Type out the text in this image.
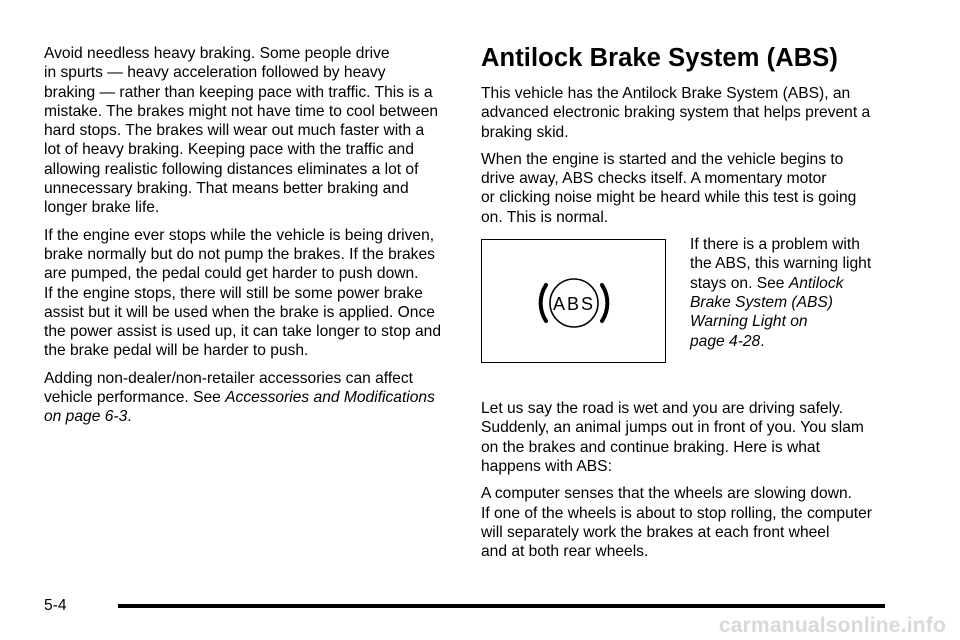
Avoid needless heavy braking. Some people drive
in spurts — heavy acceleration followed by heavy
braking — rather than keeping pace with traffic. This is a
mistake. The brakes might not have time to cool between
hard stops. The brakes will wear out much faster with a
lot of heavy braking. Keeping pace with the traffic and
allowing realistic following distances eliminates a lot of
unnecessary braking. That means better braking and
longer brake life.

If the engine ever stops while the vehicle is being driven,
brake normally but do not pump the brakes. If the brakes
are pumped, the pedal could get harder to push down.
If the engine stops, there will still be some power brake
assist but it will be used when the brake is applied. Once
the power assist is used up, it can take longer to stop and
the brake pedal will be harder to push.

Adding non-dealer/non-retailer accessories can affect
vehicle performance. See Accessories and Modifications
on page 6-3.

Antilock Brake System (ABS)

This vehicle has the Antilock Brake System (ABS), an
advanced electronic braking system that helps prevent a
braking skid.

When the engine is started and the vehicle begins to
drive away, ABS checks itself. A momentary motor
or clicking noise might be heard while this test is going
on. This is normal.

ABS

If there is a problem with
the ABS, this warning light
stays on. See Antilock
Brake System (ABS)
Warning Light on
page 4-28.

Let us say the road is wet and you are driving safely.
Suddenly, an animal jumps out in front of you. You slam
on the brakes and continue braking. Here is what
happens with ABS:

A computer senses that the wheels are slowing down.
If one of the wheels is about to stop rolling, the computer
will separately work the brakes at each front wheel
and at both rear wheels.

5-4
carmanualsonline.info
